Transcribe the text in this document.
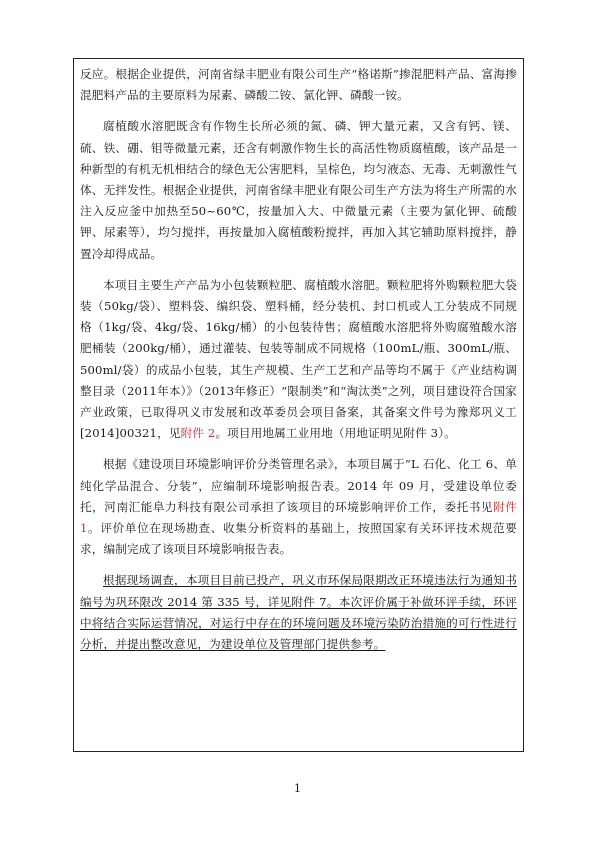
反应。根据企业提供，河南省绿丰肥业有限公司生产“格诺斯”掺混肥料产品、富海掺混肥料产品的主要原料为尿素、磷酸二铵、氯化钾、磷酸一铵。

腐植酸水溶肥既含有作物生长所必须的氮、磷、钾大量元素，又含有钙、镁、硫、铁、硼、钼等微量元素，还含有刺激作物生长的高活性物质腐植酸，该产品是一种新型的有机无机相结合的绿色无公害肥料，呈棕色，均匀液态、无毒、无刺激性气体、无拌发性。根据企业提供，河南省绿丰肥业有限公司生产方法为将生产所需的水注入反应釜中加热至50~60℃，按量加入大、中微量元素（主要为氯化钾、硫酸钾、尿素等），均匀搅拌，再按量加入腐植酸粉搅拌，再加入其它辅助原料搅拌，静置冷却得成品。

本项目主要生产产品为小包装颗粒肥、腐植酸水溶肥。颗粒肥将外购颗粒肥大袋装（50kg/袋）、塑料袋、编织袋、塑料桶，经分装机、封口机或人工分装成不同规格（1kg/袋、4kg/袋、16kg/桶）的小包装待售；腐植酸水溶肥将外购腐殖酸水溶肥桶装（200kg/桶），通过灌装、包装等制成不同规格（100mL/瓶、300mL/瓶、500ml/袋）的成品小包装，其生产规模、生产工艺和产品等均不属于《产业结构调整目录（2011年本）》（2013年修正）“限制类”和“淘汰类”之列，项目建设符合国家产业政策，已取得巩义市发展和改革委员会项目备案，其备案文件号为豫郑巩义工[2014]00321，见附件 2。项目用地属工业用地（用地证明见附件 3）。

根据《建设项目环境影响评价分类管理名录》，本项目属于“L 石化、化工 6、单纯化学品混合、分装”，应编制环境影响报告表。2014 年 09 月，受建设单位委托，河南汇能阜力科技有限公司承担了该项目的环境影响评价工作，委托书见附件 1。评价单位在现场勘查、收集分析资料的基础上，按照国家有关环评技术规范要求，编制完成了该项目环境影响报告表。

根据现场调查，本项目目前已投产，巩义市环保局限期改正环境违法行为通知书编号为巩环限改 2014 第 335 号，详见附件 7。本次评价属于补做环评手续，环评中将结合实际运营情况，对运行中存在的环境问题及环境污染防治措施的可行性进行分析，并提出整改意见，为建设单位及管理部门提供参考。

1
